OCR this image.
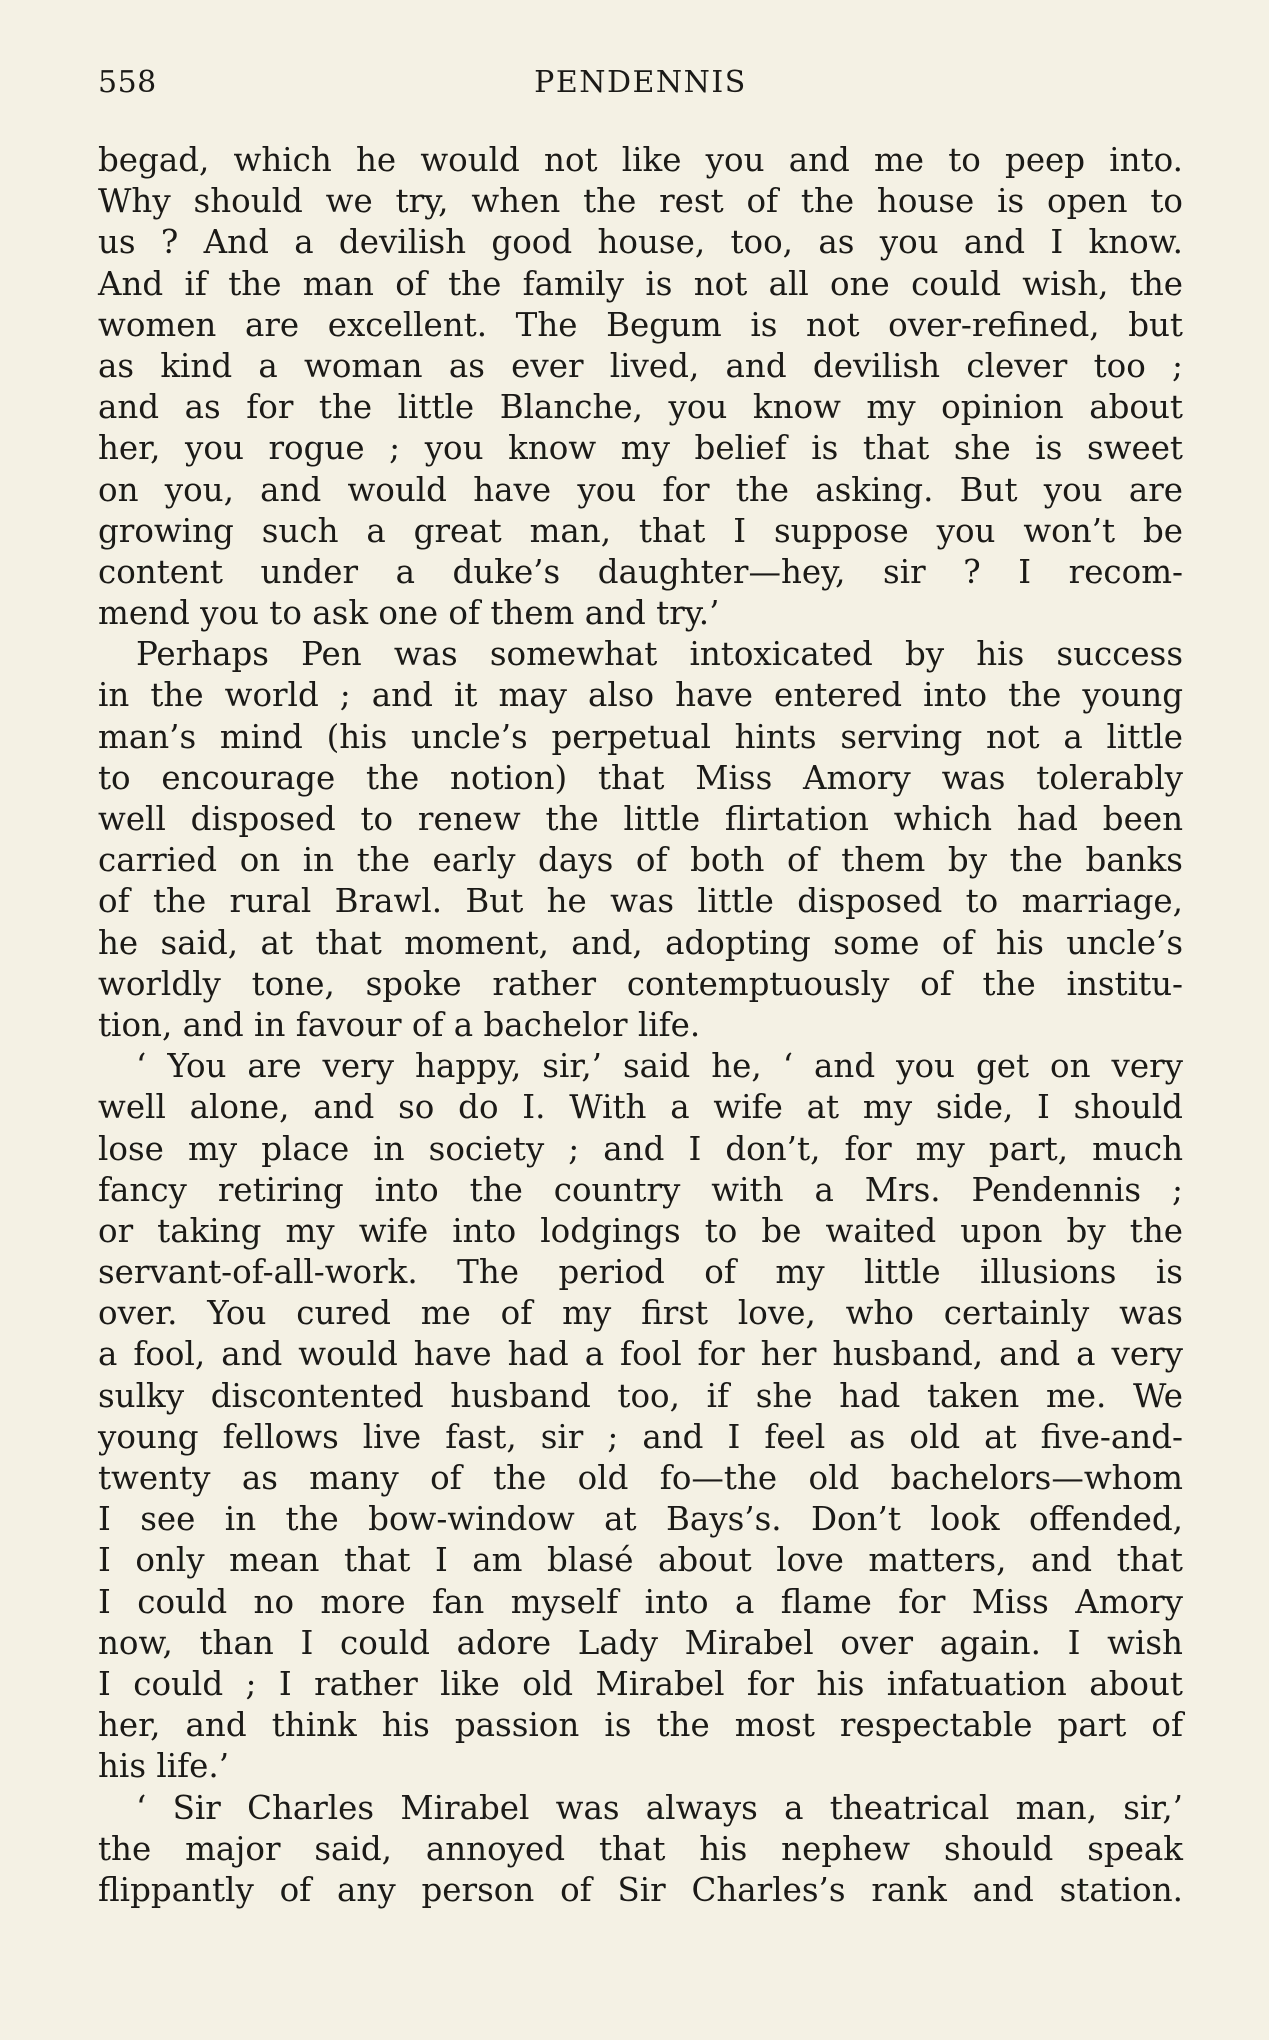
558	PENDENNIS
begad, which he would not like you and me to peep into.
Why should we try, when the rest of the house is open to
us ? And a devilish good house, too, as you and I know.
And if the man of the family is not all one could wish, the
women are excellent. The Begum is not over-refined, but
as kind a woman as ever lived, and devilish clever too ;
and as for the little Blanche, you know my opinion about
her, you rogue ; you know my belief is that she is sweet
on you, and would have you for the asking. But you are
growing such a great man, that I suppose you won’t be
content under a duke’s daughter—hey, sir ? I recom-
mend you to ask one of them and try.’
Perhaps Pen was somewhat intoxicated by his success
in the world ; and it may also have entered into the young
man’s mind (his uncle’s perpetual hints serving not a little
to encourage the notion) that Miss Amory was tolerably
well disposed to renew the little flirtation which had been
carried on in the early days of both of them by the banks
of the rural Brawl. But he was little disposed to marriage,
he said, at that moment, and, adopting some of his uncle’s
worldly tone, spoke rather contemptuously of the institu-
tion, and in favour of a bachelor life.
‘ You are very happy, sir,’ said he, ‘ and you get on very
well alone, and so do I. With a wife at my side, I should
lose my place in society ; and I don’t, for my part, much
fancy retiring into the country with a Mrs. Pendennis ;
or taking my wife into lodgings to be waited upon by the
servant-of-all-work. The period of my little illusions is
over. You cured me of my first love, who certainly was
a fool, and would have had a fool for her husband, and a very
sulky discontented husband too, if she had taken me. We
young fellows live fast, sir ; and I feel as old at five-and-
twenty as many of the old fo—the old bachelors—whom
I see in the bow-window at Bays’s. Don’t look offended,
I only mean that I am blasé about love matters, and that
I could no more fan myself into a flame for Miss Amory
now, than I could adore Lady Mirabel over again. I wish
I could ; I rather like old Mirabel for his infatuation about
her, and think his passion is the most respectable part of
his life.’
‘ Sir Charles Mirabel was always a theatrical man, sir,’
the major said, annoyed that his nephew should speak
flippantly of any person of Sir Charles’s rank and station.
